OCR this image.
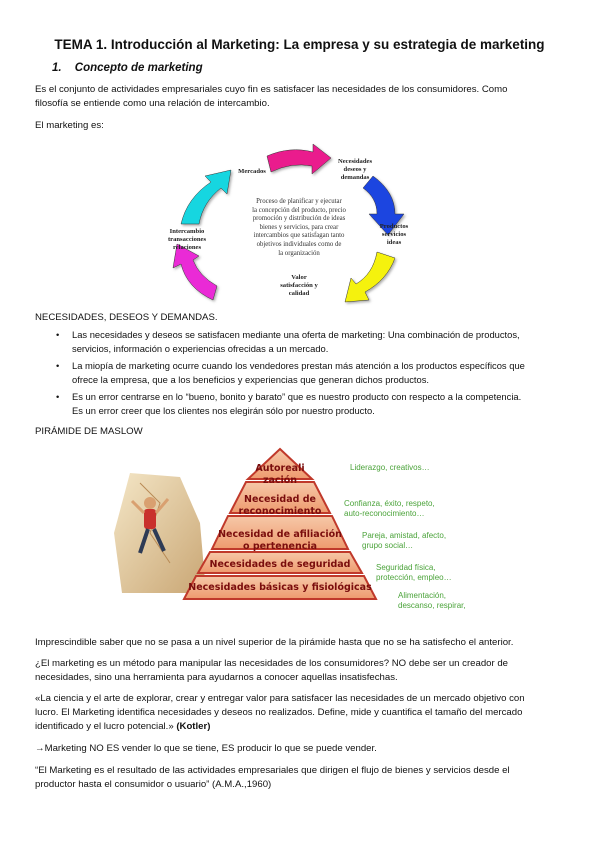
TEMA 1. Introducción al Marketing: La empresa y su estrategia de marketing
1. Concepto de marketing
Es el conjunto de actividades empresariales cuyo fin es satisfacer las necesidades de los consumidores. Como
filosofía se entiende como una relación de intercambio.
El marketing es:
Mercados
Necesidades
deseos y
demandas
Productos
servicios
ideas
Valor
satisfacción y
calidad
Intercambio
transacciones
relaciones
Proceso de planificar y ejecutar
la concepción del producto, precio
promoción y distribución de ideas
bienes y servicios, para crear
intercambios que satisfagan tanto
objetivos individuales como de
la organización
NECESIDADES, DESEOS Y DEMANDAS.
• Las necesidades y deseos se satisfacen mediante una oferta de marketing: Una combinación de productos,
servicios, información o experiencias ofrecidas a un mercado.
• La miopía de marketing ocurre cuando los vendedores prestan más atención a los productos específicos que
ofrece la empresa, que a los beneficios y experiencias que generan dichos productos.
• Es un error centrarse en lo “bueno, bonito y barato” que es nuestro producto con respecto a la competencia.
Es un error creer que los clientes nos elegirán sólo por nuestro producto.
PIRÁMIDE DE MASLOW
Autoreali
zación
Necesidad de
reconocimiento
Necesidad de afiliación
o pertenencia
Necesidades de seguridad
Necesidades básicas y fisiológicas
Liderazgo, creativos…
Confianza, éxito, respeto,
auto-reconocimiento…
Pareja, amistad, afecto,
grupo social…
Seguridad física,
protección, empleo…
Alimentación,
descanso, respirar,
Imprescindible saber que no se pasa a un nivel superior de la pirámide hasta que no se ha satisfecho el anterior.
¿El marketing es un método para manipular las necesidades de los consumidores? NO debe ser un creador de
necesidades, sino una herramienta para ayudarnos a conocer aquellas insatisfechas.
«La ciencia y el arte de explorar, crear y entregar valor para satisfacer las necesidades de un mercado objetivo con
lucro. El Marketing identifica necesidades y deseos no realizados. Define, mide y cuantifica el tamaño del mercado
identificado y el lucro potencial.» (Kotler)
→Marketing NO ES vender lo que se tiene, ES producir lo que se puede vender.
“El Marketing es el resultado de las actividades empresariales que dirigen el flujo de bienes y servicios desde el
productor hasta el consumidor o usuario” (A.M.A.,1960)
